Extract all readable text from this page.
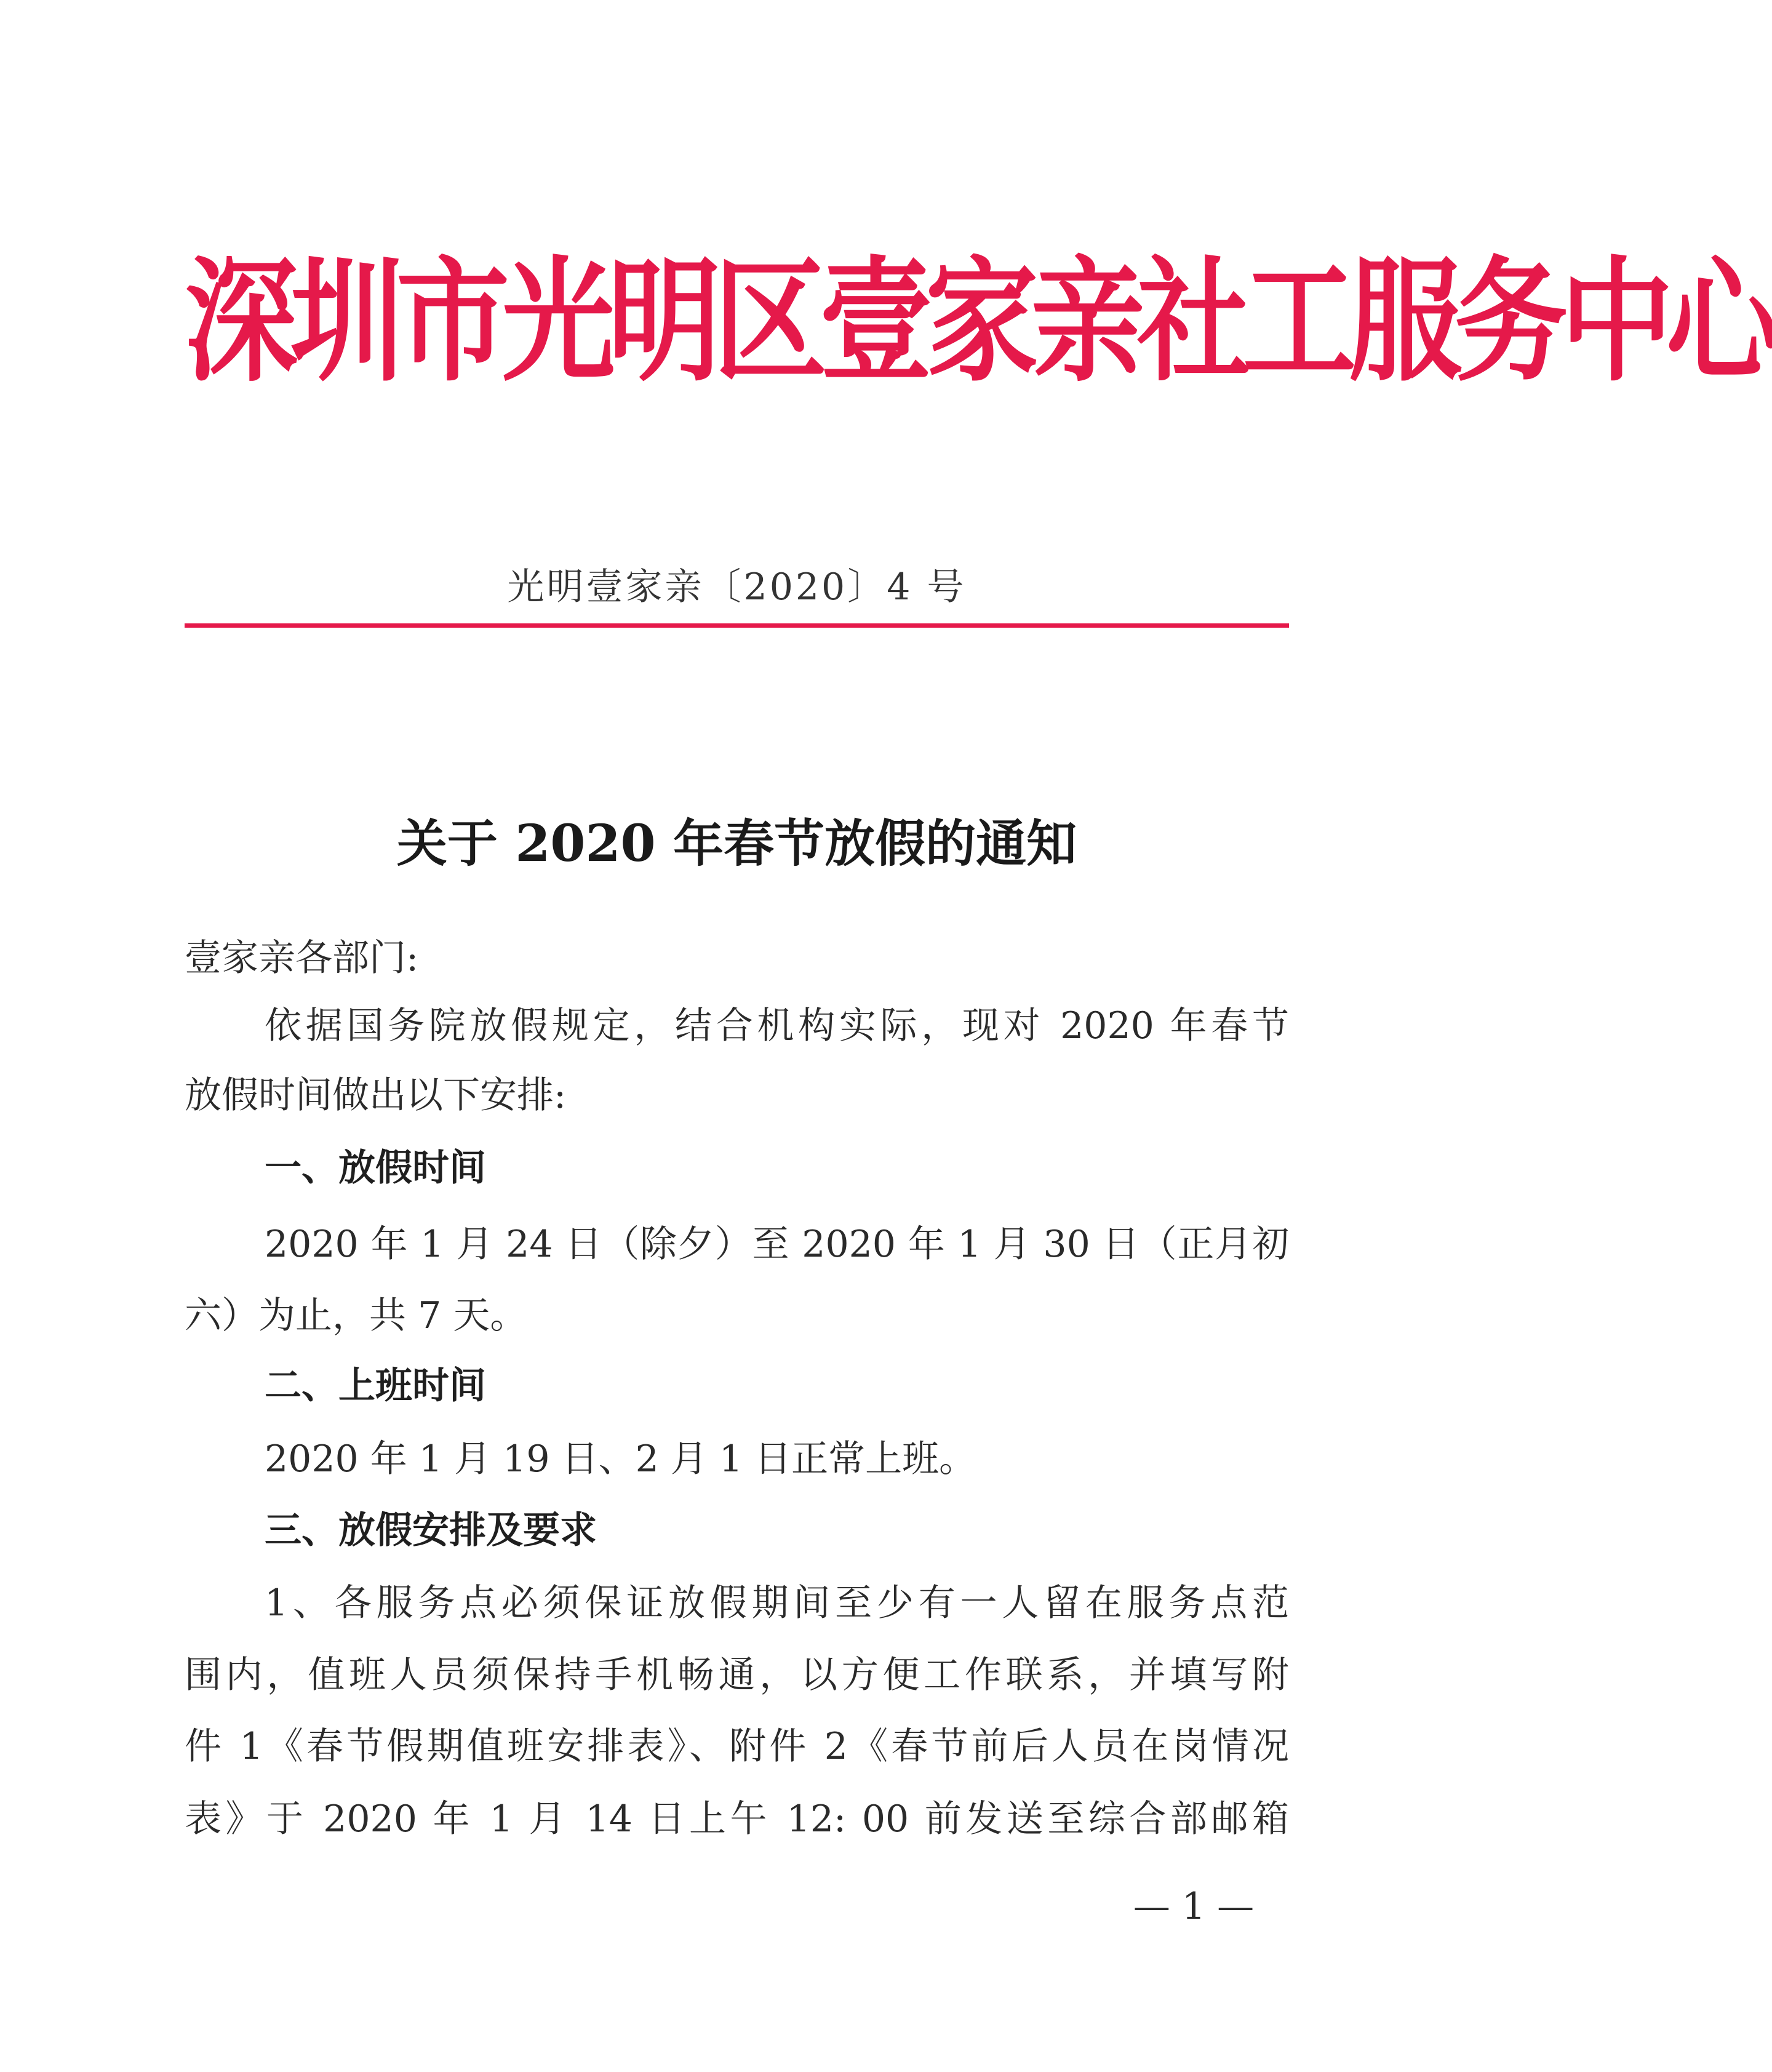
深圳市光明区壹家亲社工服务中心
光明壹家亲〔2020〕4 号
关于 2020 年春节放假的通知
壹家亲各部门:
依据国务院放假规定，结合机构实际，现对 2020 年春节
放假时间做出以下安排:
一、放假时间
2020 年 1 月 24 日（除夕）至 2020 年 1 月 30 日（正月初
六）为止，共 7 天。
二、上班时间
2020 年 1 月 19 日、2 月 1 日正常上班。
三、放假安排及要求
1、各服务点必须保证放假期间至少有一人留在服务点范
围内，值班人员须保持手机畅通，以方便工作联系，并填写附
件 1《春节假期值班安排表》、附件 2《春节前后人员在岗情况
表》于 2020 年 1 月 14 日上午 12: 00 前发送至综合部邮箱
— 1 —
